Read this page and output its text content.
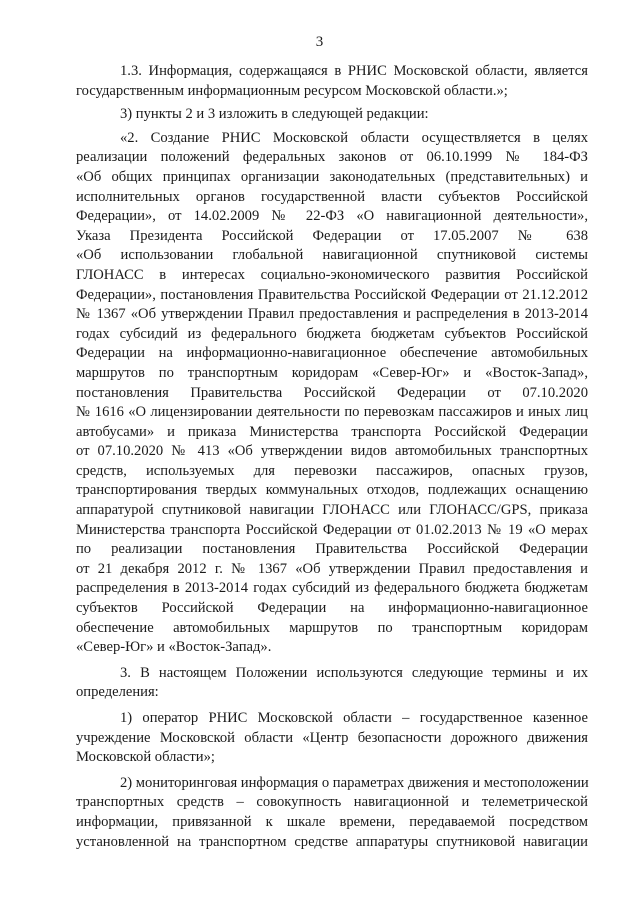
3
1.3. Информация, содержащаяся в РНИС Московской области, является
государственным информационным ресурсом Московской области.»;
3) пункты 2 и 3 изложить в следующей редакции:
«2. Создание РНИС Московской области осуществляется в целях
реализации положений федеральных законов от 06.10.1999 № 184-ФЗ
«Об общих принципах организации законодательных (представительных) и
исполнительных органов государственной власти субъектов Российской
Федерации», от 14.02.2009 № 22-ФЗ «О навигационной деятельности»,
Указа Президента Российской Федерации от 17.05.2007 № 638
«Об использовании глобальной навигационной спутниковой системы
ГЛОНАСС в интересах социально-экономического развития Российской
Федерации», постановления Правительства Российской Федерации от 21.12.2012
№ 1367 «Об утверждении Правил предоставления и распределения в 2013-2014
годах субсидий из федерального бюджета бюджетам субъектов Российской
Федерации на информационно-навигационное обеспечение автомобильных
маршрутов по транспортным коридорам «Север-Юг» и «Восток-Запад»,
постановления Правительства Российской Федерации от 07.10.2020
№ 1616 «О лицензировании деятельности по перевозкам пассажиров и иных лиц
автобусами» и приказа Министерства транспорта Российской Федерации
от 07.10.2020 № 413 «Об утверждении видов автомобильных транспортных
средств, используемых для перевозки пассажиров, опасных грузов,
транспортирования твердых коммунальных отходов, подлежащих оснащению
аппаратурой спутниковой навигации ГЛОНАСС или ГЛОНАСС/GPS, приказа
Министерства транспорта Российской Федерации от 01.02.2013 № 19 «О мерах
по реализации постановления Правительства Российской Федерации
от 21 декабря 2012 г. № 1367 «Об утверждении Правил предоставления и
распределения в 2013-2014 годах субсидий из федерального бюджета бюджетам
субъектов Российской Федерации на информационно-навигационное
обеспечение автомобильных маршрутов по транспортным коридорам
«Север-Юг» и «Восток-Запад».
3. В настоящем Положении используются следующие термины и их
определения:
1) оператор РНИС Московской области – государственное казенное
учреждение Московской области «Центр безопасности дорожного движения
Московской области»;
2) мониторинговая информация о параметрах движения и местоположении
транспортных средств – совокупность навигационной и телеметрической
информации, привязанной к шкале времени, передаваемой посредством
установленной на транспортном средстве аппаратуры спутниковой навигации
